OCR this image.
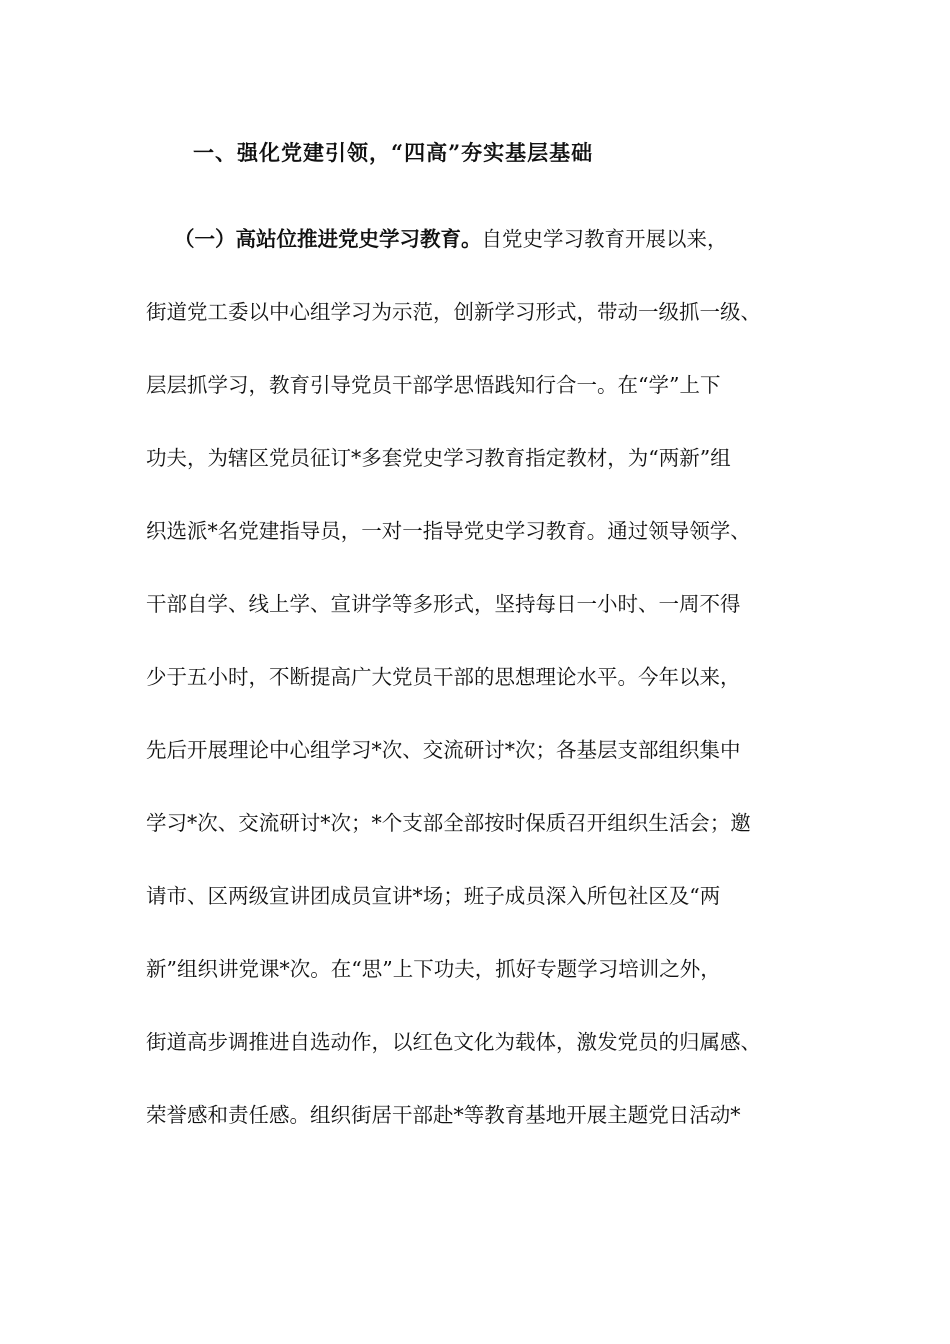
一、强化党建引领，“四高”夯实基层基础

（一）高站位推进党史学习教育。自党史学习教育开展以来，

街道党工委以中心组学习为示范，创新学习形式，带动一级抓一级、

层层抓学习，教育引导党员干部学思悟践知行合一。在“学”上下

功夫，为辖区党员征订*多套党史学习教育指定教材，为“两新”组

织选派*名党建指导员，一对一指导党史学习教育。通过领导领学、

干部自学、线上学、宣讲学等多形式，坚持每日一小时、一周不得

少于五小时，不断提高广大党员干部的思想理论水平。今年以来，

先后开展理论中心组学习*次、交流研讨*次；各基层支部组织集中

学习*次、交流研讨*次；*个支部全部按时保质召开组织生活会；邀

请市、区两级宣讲团成员宣讲*场；班子成员深入所包社区及“两

新”组织讲党课*次。在“思”上下功夫，抓好专题学习培训之外，

街道高步调推进自选动作，以红色文化为载体，激发党员的归属感、

荣誉感和责任感。组织街居干部赴*等教育基地开展主题党日活动*
